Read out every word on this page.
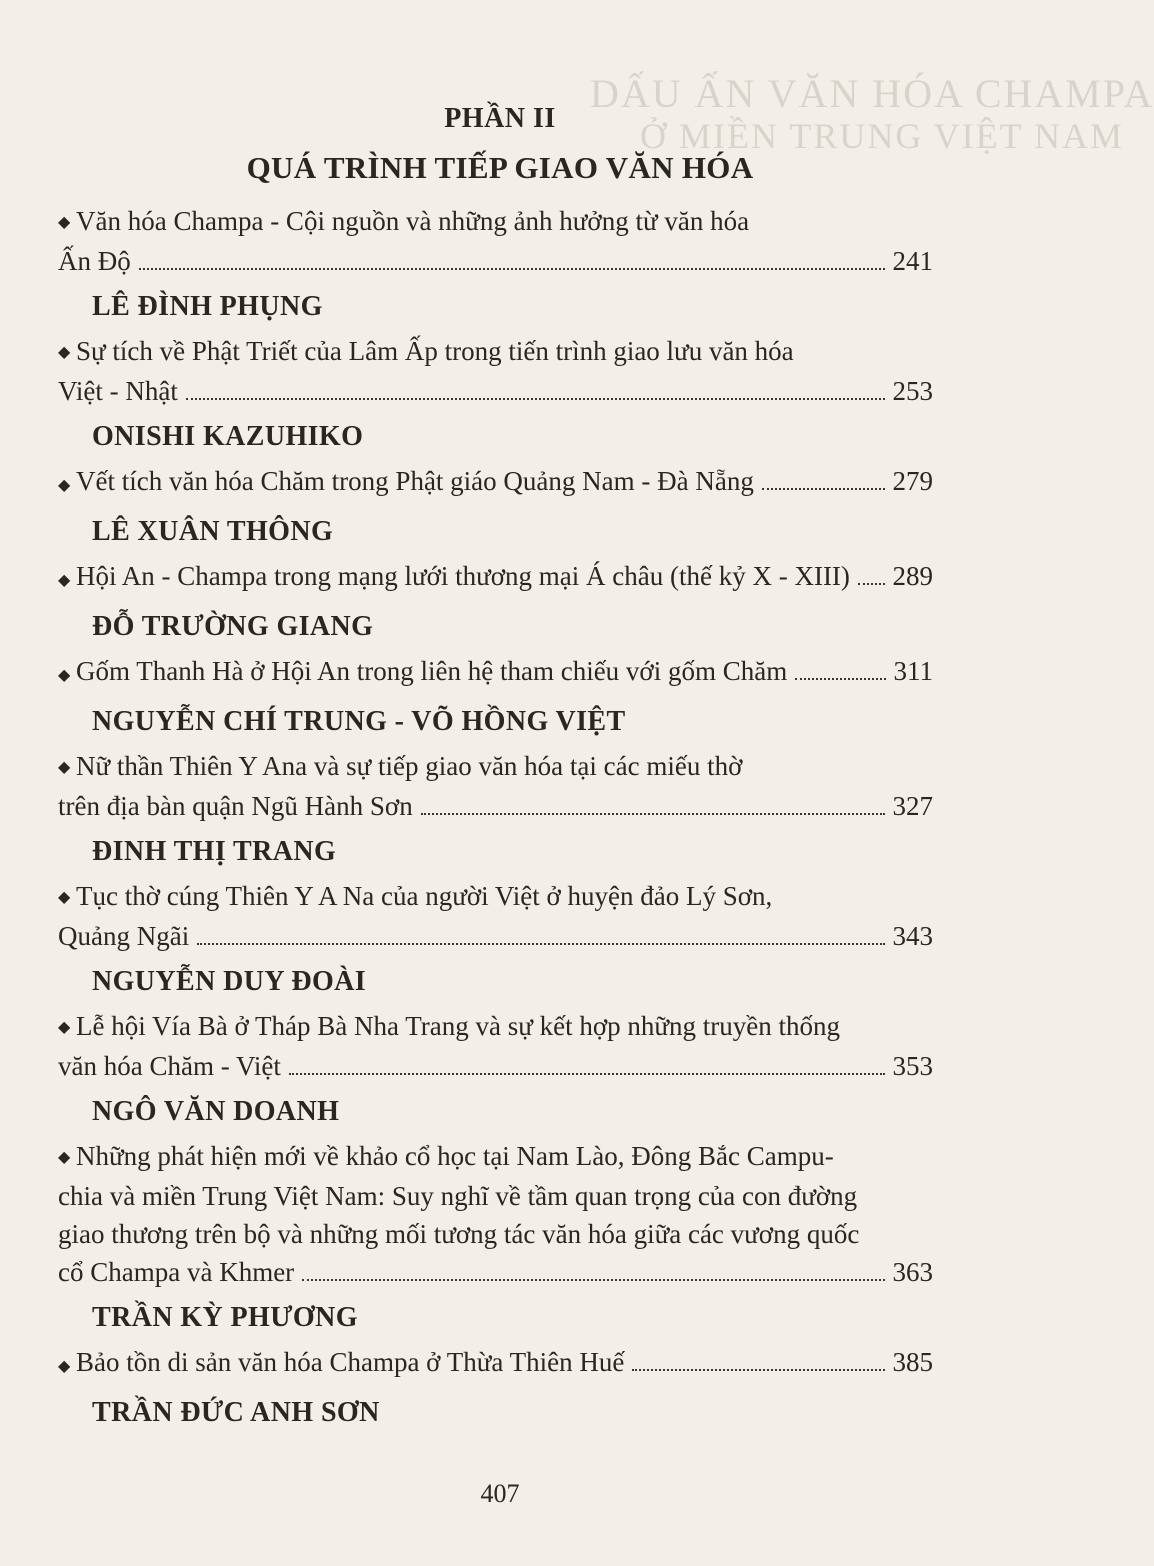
DẤU ẤN VĂN HÓA CHAMPA
Ở MIỀN TRUNG VIỆT NAM
PHẦN II
QUÁ TRÌNH TIẾP GIAO VĂN HÓA
◆ Văn hóa Champa - Cội nguồn và những ảnh hưởng từ văn hóa
Ấn Độ	241
LÊ ĐÌNH PHỤNG
◆ Sự tích về Phật Triết của Lâm Ấp trong tiến trình giao lưu văn hóa
Việt - Nhật	253
ONISHI KAZUHIKO
◆ Vết tích văn hóa Chăm trong Phật giáo Quảng Nam - Đà Nẵng	279
LÊ XUÂN THÔNG
◆ Hội An - Champa trong mạng lưới thương mại Á châu (thế kỷ X - XIII) 289
ĐỖ TRƯỜNG GIANG
◆ Gốm Thanh Hà ở Hội An trong liên hệ tham chiếu với gốm Chăm	311
NGUYỄN CHÍ TRUNG - VÕ HỒNG VIỆT
◆ Nữ thần Thiên Y Ana và sự tiếp giao văn hóa tại các miếu thờ
trên địa bàn quận Ngũ Hành Sơn	327
ĐINH THỊ TRANG
◆ Tục thờ cúng Thiên Y A Na của người Việt ở huyện đảo Lý Sơn,
Quảng Ngãi	343
NGUYỄN DUY ĐOÀI
◆ Lễ hội Vía Bà ở Tháp Bà Nha Trang và sự kết hợp những truyền thống
văn hóa Chăm - Việt	353
NGÔ VĂN DOANH
◆ Những phát hiện mới về khảo cổ học tại Nam Lào, Đông Bắc Campu-
chia và miền Trung Việt Nam: Suy nghĩ về tầm quan trọng của con đường
giao thương trên bộ và những mối tương tác văn hóa giữa các vương quốc
cổ Champa và Khmer	363
TRẦN KỲ PHƯƠNG
◆ Bảo tồn di sản văn hóa Champa ở Thừa Thiên Huế	385
TRẦN ĐỨC ANH SƠN
407
